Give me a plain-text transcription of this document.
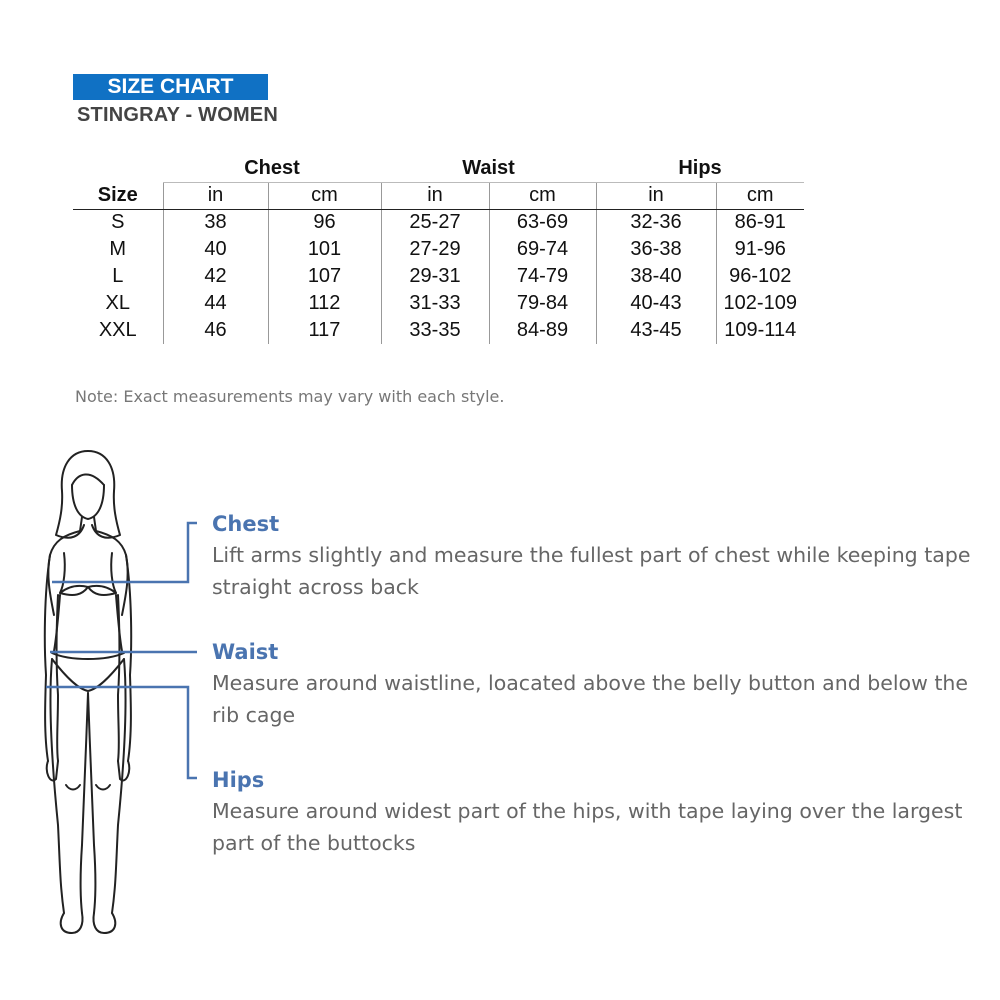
SIZE CHART
STINGRAY - WOMEN
	Chest		Waist		Hips	
Size	in	cm	in	cm	in	cm
S	38	96	25-27	63-69	32-36	86-91
M	40	101	27-29	69-74	36-38	91-96
L	42	107	29-31	74-79	38-40	96-102
XL	44	112	31-33	79-84	40-43	102-109
XXL	46	117	33-35	84-89	43-45	109-114
Note: Exact measurements may vary with each style.
Chest

Lift arms slightly and measure the fullest part of chest while keeping tape straight across back

Waist

Measure around waistline, loacated above the belly button and below the rib cage

Hips

Measure around widest part of the hips, with tape laying over the largest part of the buttocks
